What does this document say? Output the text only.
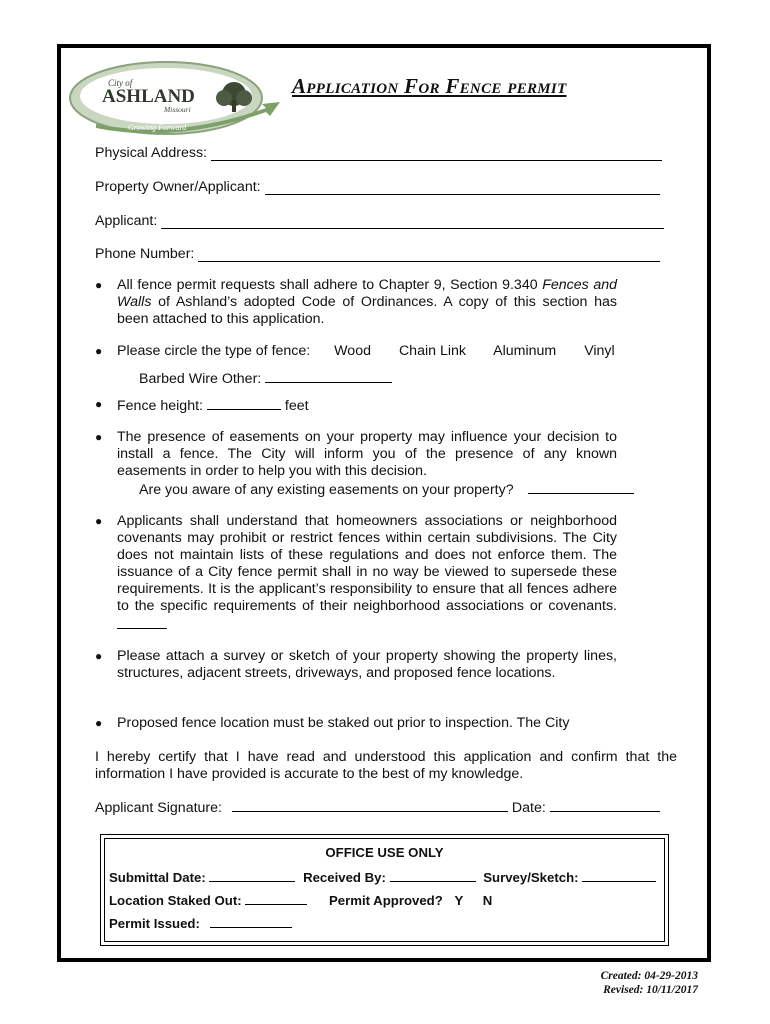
City of
ASHLAND
Missouri
Growing Forward
Application For Fence permit
Physical Address:
Property Owner/Applicant:
Applicant:
Phone Number:
● All fence permit requests shall adhere to Chapter 9, Section 9.340 Fences and Walls of Ashland’s adopted Code of Ordinances. A copy of this section has been attached to this application.
● Please circle the type of fence: Wood Chain Link Aluminum Vinyl
Barbed Wire Other:
● Fence height:	feet
● The presence of easements on your property may influence your decision to install a fence. The City will inform you of the presence of any known easements in order to help you with this decision.
Are you aware of any existing easements on your property?
● Applicants shall understand that homeowners associations or neighborhood covenants may prohibit or restrict fences within certain subdivisions. The City does not maintain lists of these regulations and does not enforce them. The issuance of a City fence permit shall in no way be viewed to supersede these requirements. It is the applicant’s responsibility to ensure that all fences adhere to the specific requirements of their neighborhood associations or covenants.
● Please attach a survey or sketch of your property showing the property lines, structures, adjacent streets, driveways, and proposed fence locations.
● Proposed fence location must be staked out prior to inspection. The City
I hereby certify that I have read and understood this application and confirm that the information I have provided is accurate to the best of my knowledge.
Applicant Signature:	Date:
OFFICE USE ONLY
Submittal Date:	Received By:	Survey/Sketch:
Location Staked Out:	Permit Approved? Y N
Permit Issued:
Created: 04-29-2013
Revised: 10/11/2017
